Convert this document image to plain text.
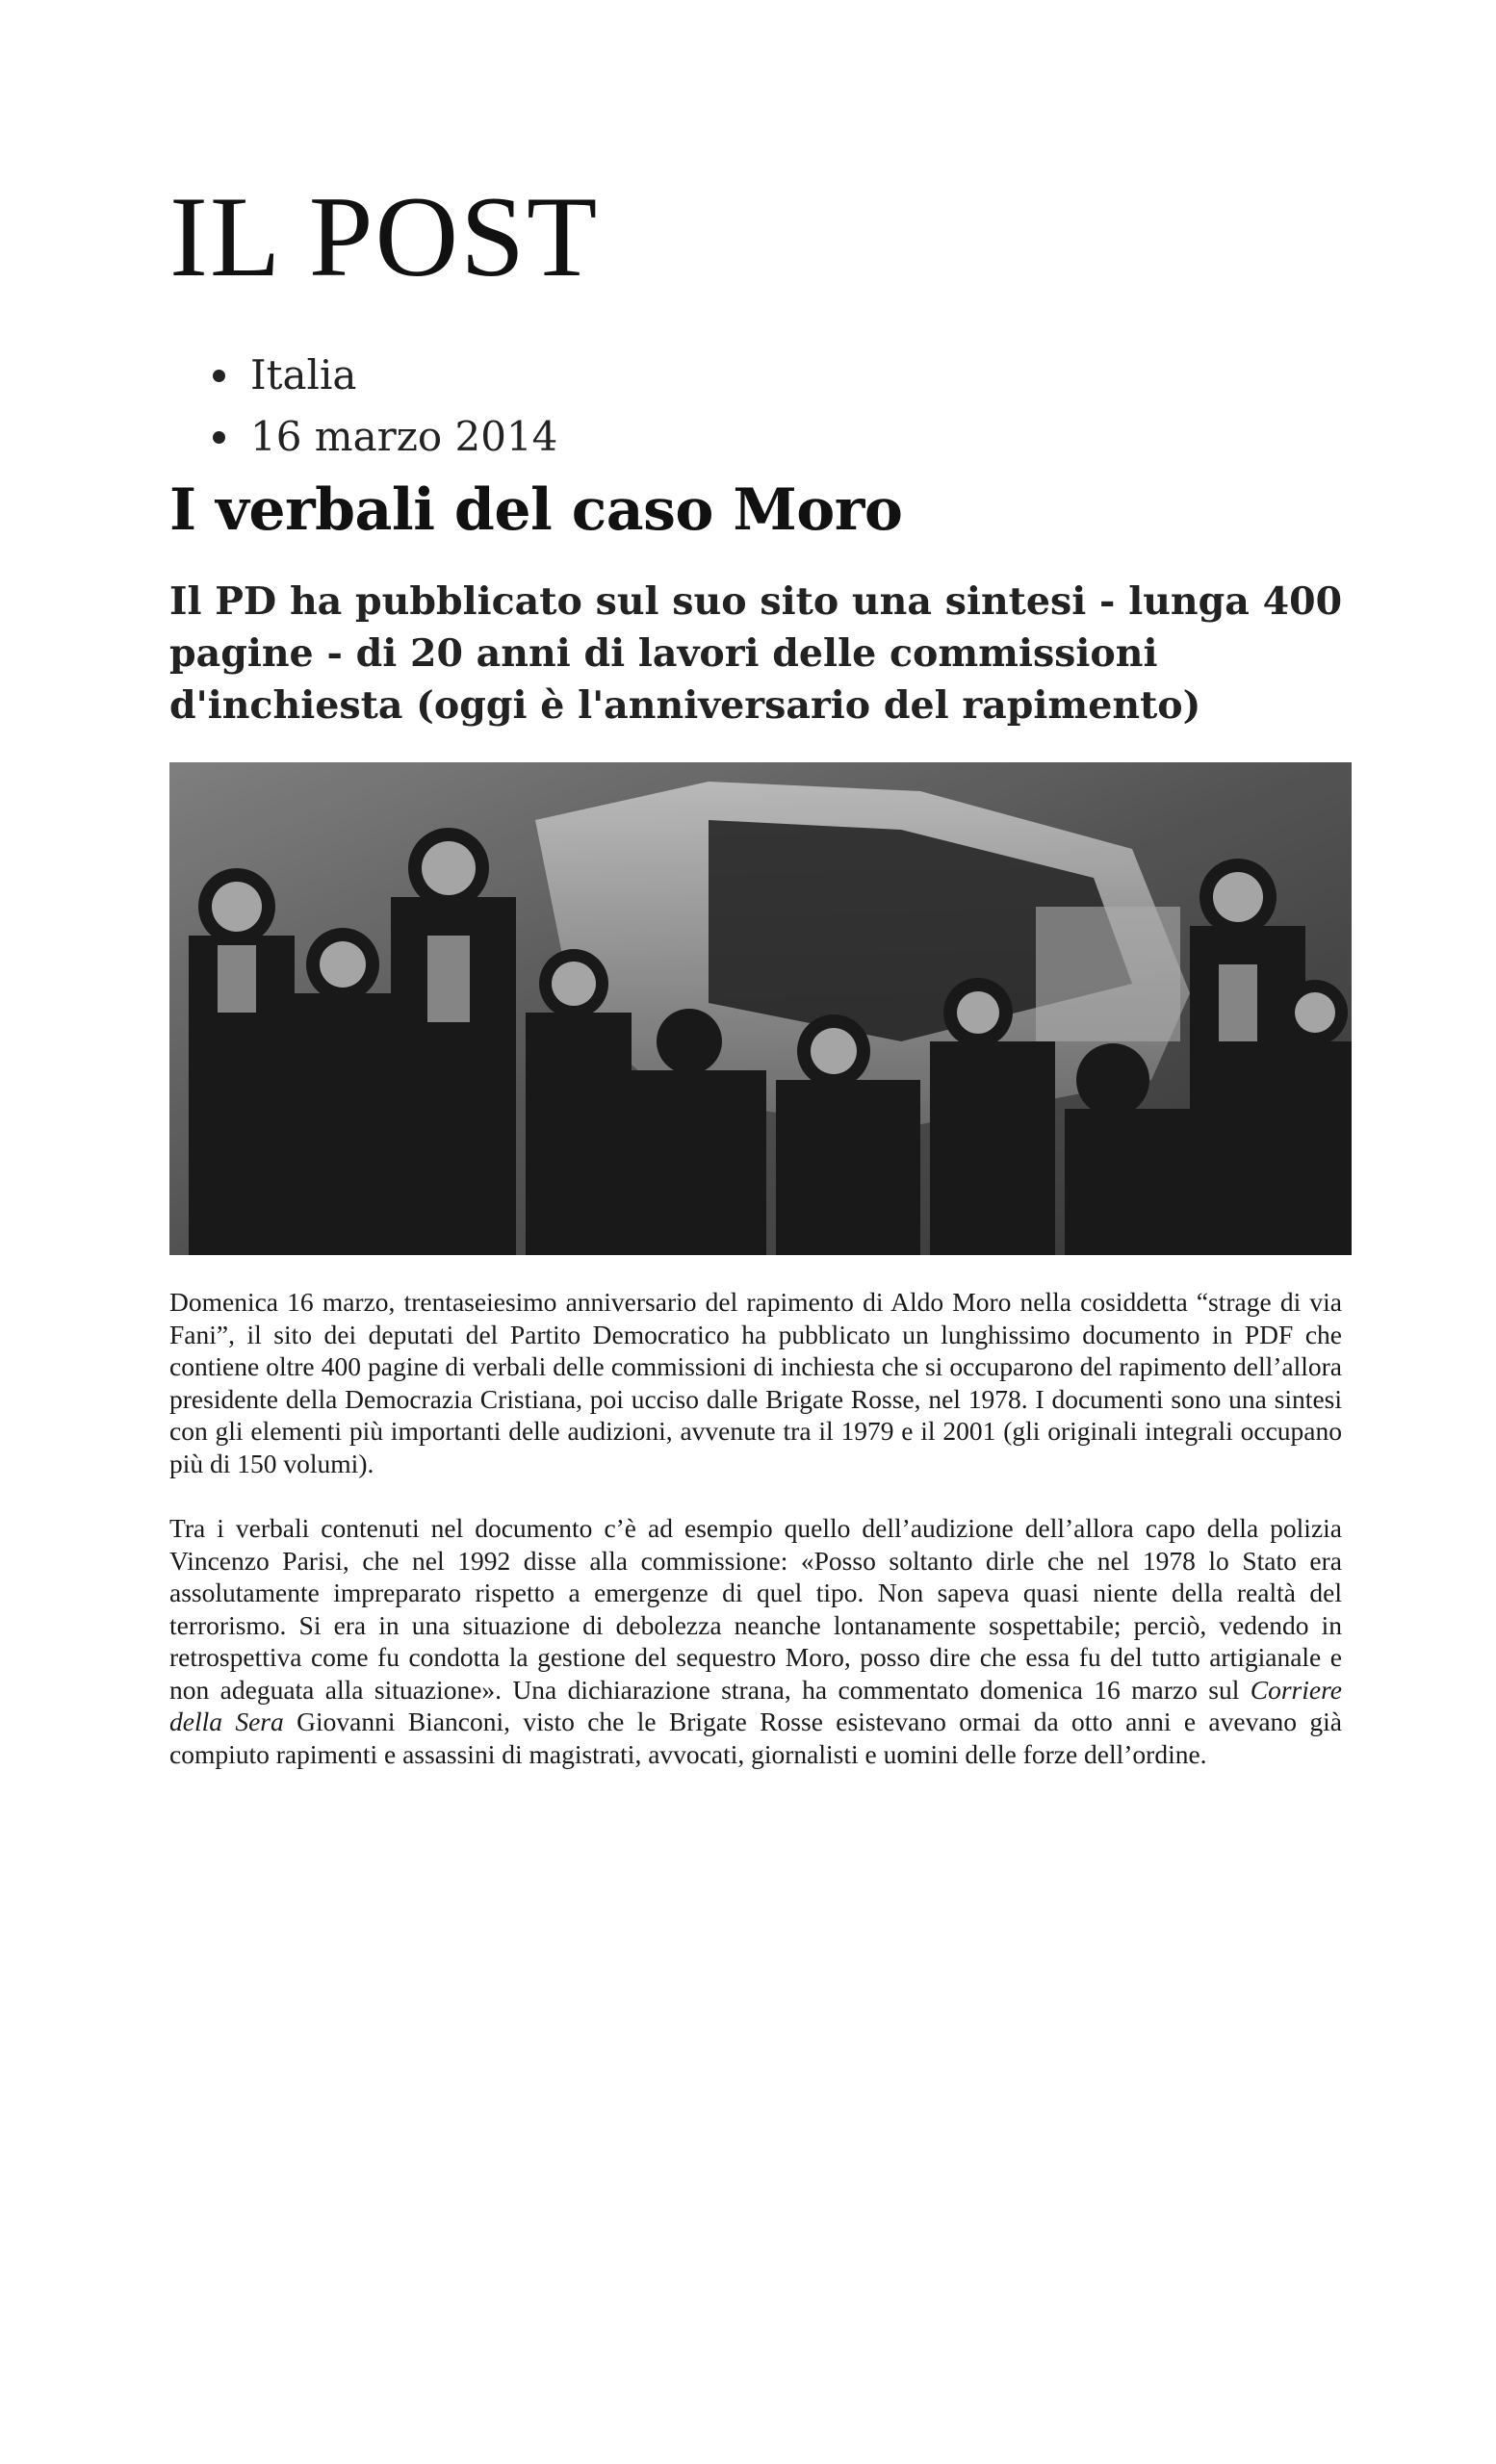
IL POST
• Italia
• 16 marzo 2014
I verbali del caso Moro
Il PD ha pubblicato sul suo sito una sintesi - lunga 400 pagine - di 20 anni di lavori delle commissioni d'inchiesta (oggi è l'anniversario del rapimento)

Domenica 16 marzo, trentaseiesimo anniversario del rapimento di Aldo Moro nella cosiddetta “strage di via Fani”, il sito dei deputati del Partito Democratico ha pubblicato un lunghissimo documento in PDF che contiene oltre 400 pagine di verbali delle commissioni di inchiesta che si occuparono del rapimento dell’allora presidente della Democrazia Cristiana, poi ucciso dalle Brigate Rosse, nel 1978. I documenti sono una sintesi con gli elementi più importanti delle audizioni, avvenute tra il 1979 e il 2001 (gli originali integrali occupano più di 150 volumi).

Tra i verbali contenuti nel documento c’è ad esempio quello dell’audizione dell’allora capo della polizia Vincenzo Parisi, che nel 1992 disse alla commissione: «Posso soltanto dirle che nel 1978 lo Stato era assolutamente impreparato rispetto a emergenze di quel tipo. Non sapeva quasi niente della realtà del terrorismo. Si era in una situazione di debolezza neanche lontanamente sospettabile; perciò, vedendo in retrospettiva come fu condotta la gestione del sequestro Moro, posso dire che essa fu del tutto artigianale e non adeguata alla situazione». Una dichiarazione strana, ha commentato domenica 16 marzo sul Corriere della Sera Giovanni Bianconi, visto che le Brigate Rosse esistevano ormai da otto anni e avevano già compiuto rapimenti e assassini di magistrati, avvocati, giornalisti e uomini delle forze dell’ordine.
